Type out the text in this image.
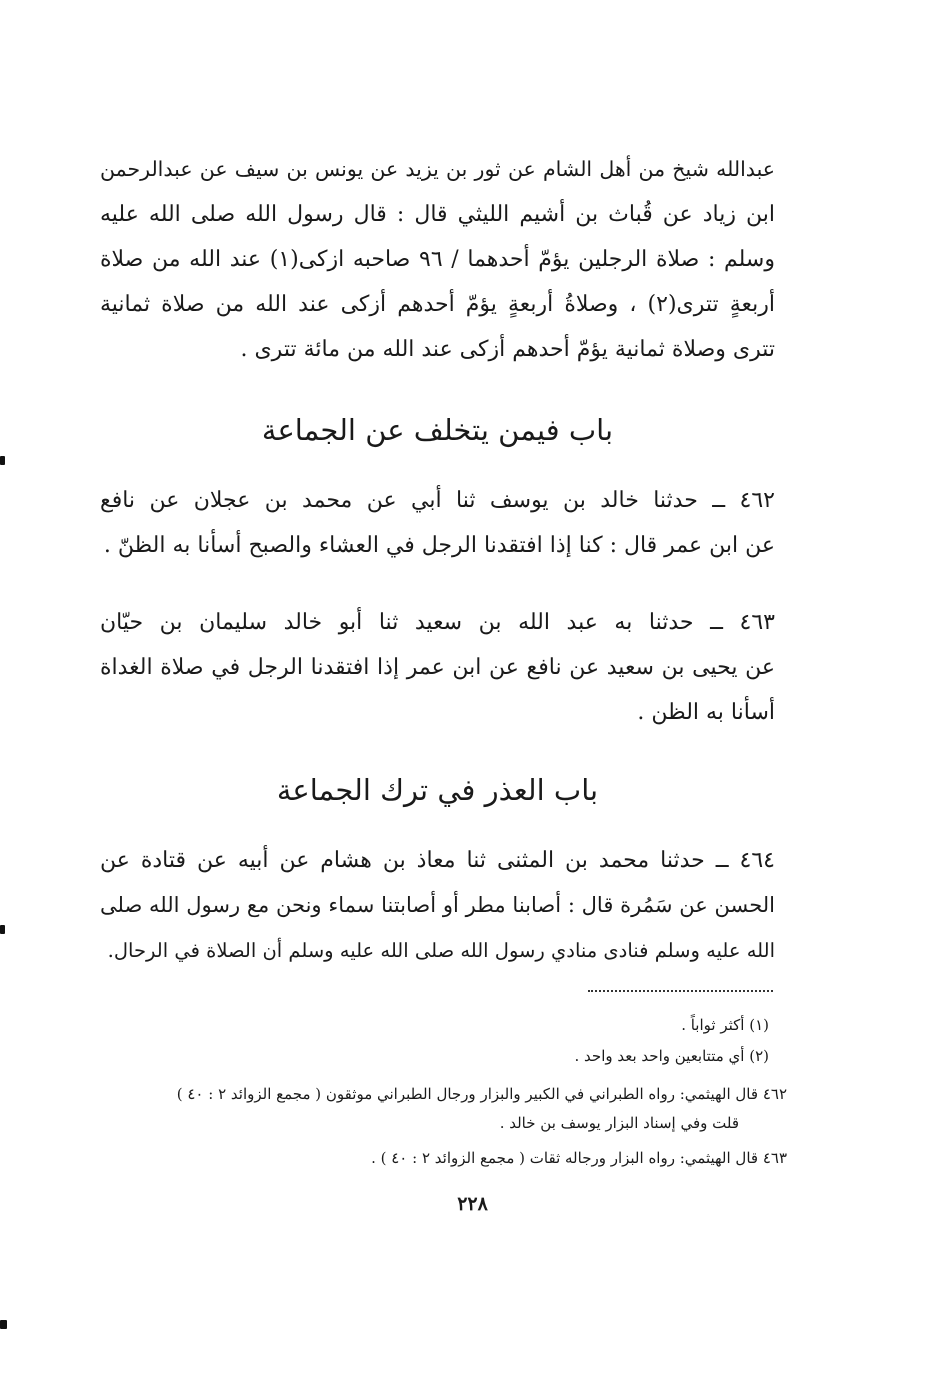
عبدالله شيخ من أهل الشام عن ثور بن يزيد عن يونس بن سيف عن عبدالرحمن
ابن زياد عن قُباث بن أشيم الليثي قال : قال رسول الله صلى الله عليه
وسلم : صلاة الرجلين يؤمّ أحدهما / ٩٦ صاحبه ازكى(١) عند الله من صلاة
أربعةٍ تترى(٢) ، وصلاةُ أربعةٍ يؤمّ أحدهم أزكى عند الله من صلاة ثمانية
تترى وصلاة ثمانية يؤمّ أحدهم أزكى عند الله من مائة تترى .
باب فيمن يتخلف عن الجماعة
٤٦٢ ــ حدثنا خالد بن يوسف ثنا أبي عن محمد بن عجلان عن نافع
عن ابن عمر قال : كنا إذا افتقدنا الرجل في العشاء والصبح أسأنا به الظنّ .
٤٦٣ ــ حدثنا به عبد الله بن سعيد ثنا أبو خالد سليمان بن حيّان
عن يحيى بن سعيد عن نافع عن ابن عمر إذا افتقدنا الرجل في صلاة الغداة
أسأنا به الظن .
باب العذر في ترك الجماعة
٤٦٤ ــ حدثنا محمد بن المثنى ثنا معاذ بن هشام عن أبيه عن قتادة عن
الحسن عن سَمُرة قال : أصابنا مطر أو أصابتنا سماء ونحن مع رسول الله صلى
الله عليه وسلم فنادى منادي رسول الله صلى الله عليه وسلم أن الصلاة في الرحال.
(١) أكثر ثواباً .
(٢) أي متتابعين واحد بعد واحد .
٤٦٢ قال الهيثمي: رواه الطبراني في الكبير والبزار ورجال الطبراني موثقون ( مجمع الزوائد ٢ : ٤٠ )
قلت وفي إسناد البزار يوسف بن خالد .
٤٦٣ قال الهيثمي: رواه البزار ورجاله ثقات ( مجمع الزوائد ٢ : ٤٠ ) .
٢٢٨
